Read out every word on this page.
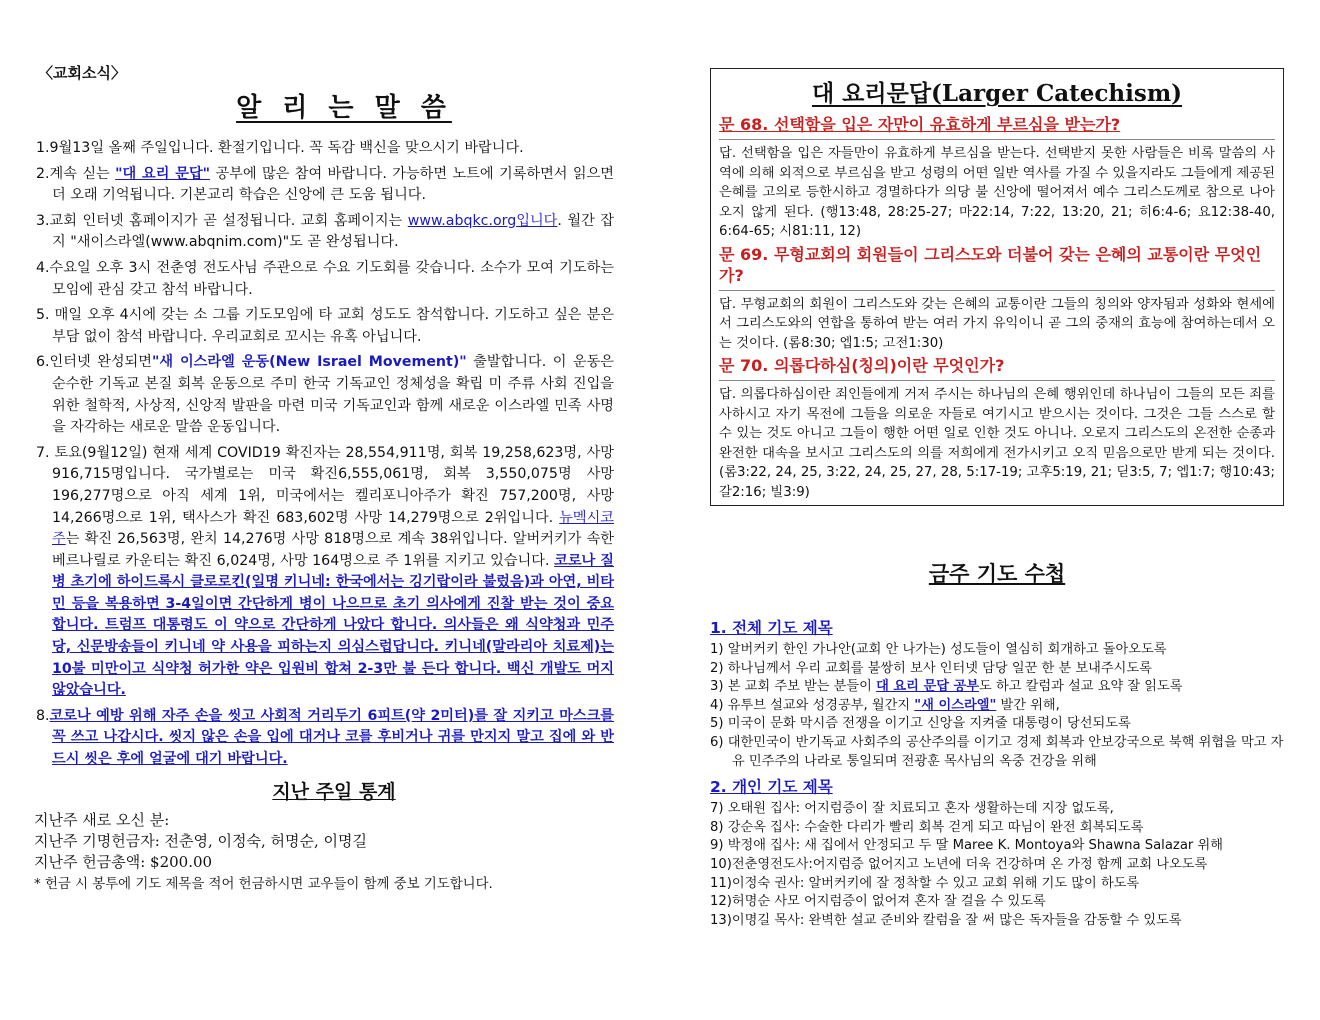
〈교회소식〉
알 리 는 말 씀

1.9월13일 올째 주일입니다. 환절기입니다. 꼭 독감 백신을 맞으시기 바랍니다.

2.계속 싣는 "대 요리 문답" 공부에 많은 참여 바랍니다. 가능하면 노트에 기록하면서 읽으면 더 오래 기억됩니다. 기본교리 학습은 신앙에 큰 도움 됩니다.

3.교회 인터넷 홈페이지가 곧 설정됩니다. 교회 홈페이지는 www.abqkc.org입니다. 월간 잡지 "새이스라엘(www.abqnim.com)"도 곧 완성됩니다.

4.수요일 오후 3시 전춘영 전도사님 주관으로 수요 기도회를 갖습니다. 소수가 모여 기도하는 모임에 관심 갖고 참석 바랍니다.

5. 매일 오후 4시에 갖는 소 그룹 기도모임에 타 교회 성도도 참석합니다. 기도하고 싶은 분은 부담 없이 참석 바랍니다. 우리교회로 꼬시는 유혹 아닙니다.

6.인터넷 완성되면"새 이스라엘 운동(New Israel Movement)" 출발합니다. 이 운동은 순수한 기독교 본질 회복 운동으로 주미 한국 기독교인 정체성을 확립 미 주류 사회 진입을 위한 철학적, 사상적, 신앙적 발판을 마련 미국 기독교인과 함께 새로운 이스라엘 민족 사명을 자각하는 새로운 말씀 운동입니다.

7. 토요(9월12일) 현재 세계 COVID19 확진자는 28,554,911명, 회복 19,258,623명, 사망 916,715명입니다. 국가별로는 미국 확진6,555,061명, 회복 3,550,075명 사망 196,277명으로 아직 세계 1위, 미국에서는 켈리포니아주가 확진 757,200명, 사망 14,266명으로 1위, 택사스가 확진 683,602명 사망 14,279명으로 2위입니다. 뉴멕시코주는 확진 26,563명, 완치 14,276명 사망 818명으로 계속 38위입니다. 알버커키가 속한 베르나릴로 카운티는 확진 6,024명, 사망 164명으로 주 1위를 지키고 있습니다. 코로나 질병 초기에 하이드록시 클로로킨(일명 키니네: 한국에서는 깅기랍이라 불렀음)과 아연, 비타민 등을 복용하면 3-4일이면 간단하게 병이 나으므로 초기 의사에게 진찰 받는 것이 중요합니다. 트럼프 대통령도 이 약으로 간단하게 나았다 합니다. 의사들은 왜 식약청과 민주당, 신문방송들이 키니네 약 사용을 피하는지 의심스럽답니다. 키니네(말라리아 치료제)는 10불 미만이고 식약청 허가한 약은 입원비 합쳐 2-3만 불 든다 합니다. 백신 개발도 머지 않았습니다.

8.코로나 예방 위해 자주 손을 씻고 사회적 거리두기 6피트(약 2미터)를 잘 지키고 마스크를 꼭 쓰고 나갑시다. 씻지 않은 손을 입에 대거나 코를 후비거나 귀를 만지지 말고 집에 와 반드시 씻은 후에 얼굴에 대기 바랍니다.

지난 주일 통계
지난주 새로 오신 분:
지난주 기명헌금자: 전춘영, 이정숙, 허명순, 이명길
지난주 헌금총액: $200.00
* 헌금 시 봉투에 기도 제목을 적어 헌금하시면 교우들이 함께 중보 기도합니다.
대 요리문답(Larger Catechism)
문 68. 선택함을 입은 자만이 유효하게 부르심을 받는가?
답. 선택함을 입은 자들만이 유효하게 부르심을 받는다. 선택받지 못한 사람들은 비록 말씀의 사역에 의해 외적으로 부르심을 받고 성령의 어떤 일반 역사를 가질 수 있을지라도 그들에게 제공된 은혜를 고의로 등한시하고 경멸하다가 의당 불 신앙에 떨어져서 예수 그리스도께로 참으로 나아오지 않게 된다. (행13:48, 28:25-27; 마22:14, 7:22, 13:20, 21; 히6:4-6; 요12:38-40, 6:64-65; 시81:11, 12)
문 69. 무형교회의 회원들이 그리스도와 더불어 갖는 은혜의 교통이란 무엇인가?
답. 무형교회의 회원이 그리스도와 갖는 은혜의 교통이란 그들의 칭의와 양자됨과 성화와 현세에서 그리스도와의 연합을 통하여 받는 여러 가지 유익이니 곧 그의 중재의 효능에 참여하는데서 오는 것이다. (롬8:30; 엡1:5; 고전1:30)
문 70. 의롭다하심(칭의)이란 무엇인가?
답. 의롭다하심이란 죄인들에게 거저 주시는 하나님의 은혜 행위인데 하나님이 그들의 모든 죄를 사하시고 자기 목전에 그들을 의로운 자들로 여기시고 받으시는 것이다. 그것은 그들 스스로 할 수 있는 것도 아니고 그들이 행한 어떤 일로 인한 것도 아니나. 오로지 그리스도의 온전한 순종과 완전한 대속을 보시고 그리스도의 의를 저희에게 전가시키고 오직 믿음으로만 받게 되는 것이다. (롬3:22, 24, 25, 3:22, 24, 25, 27, 28, 5:17-19; 고후5:19, 21; 딛3:5, 7; 엡1:7; 행10:43; 갈2:16; 빌3:9)
금주 기도 수첩
1. 전체 기도 제목
1) 알버커키 한인 가나안(교회 안 나가는) 성도들이 열심히 회개하고 돌아오도록
2) 하나님께서 우리 교회를 불쌍히 보사 인터넷 담당 일꾼 한 분 보내주시도록
3) 본 교회 주보 받는 분들이 대 요리 문답 공부도 하고 칼럼과 설교 요약 잘 읽도록
4) 유투브 설교와 성경공부, 월간지 "새 이스라엘" 발간 위해,
5) 미국이 문화 막시즘 전쟁을 이기고 신앙을 지켜줄 대통령이 당선되도록
6) 대한민국이 반기독교 사회주의 공산주의를 이기고 경제 회복과 안보강국으로 북핵 위협을 막고 자유 민주주의 나라로 통일되며 전광훈 목사님의 옥중 건강을 위해
2. 개인 기도 제목
7) 오태원 집사: 어지럼증이 잘 치료되고 혼자 생활하는데 지장 없도록,
8) 강순옥 집사: 수술한 다리가 빨리 회복 걷게 되고 따님이 완전 회복되도록
9) 박정애 집사: 새 집에서 안정되고 두 딸 Maree K. Montoya와 Shawna Salazar 위해
10)전춘영전도사:어지럼증 없어지고 노년에 더욱 건강하며 온 가정 함께 교회 나오도록
11)이정숙 권사: 알버커키에 잘 정착할 수 있고 교회 위해 기도 많이 하도록
12)허명순 사모 어지럼증이 없어져 혼자 잘 걸을 수 있도록
13)이명길 목사: 완벽한 설교 준비와 칼럼을 잘 써 많은 독자들을 감동할 수 있도록
